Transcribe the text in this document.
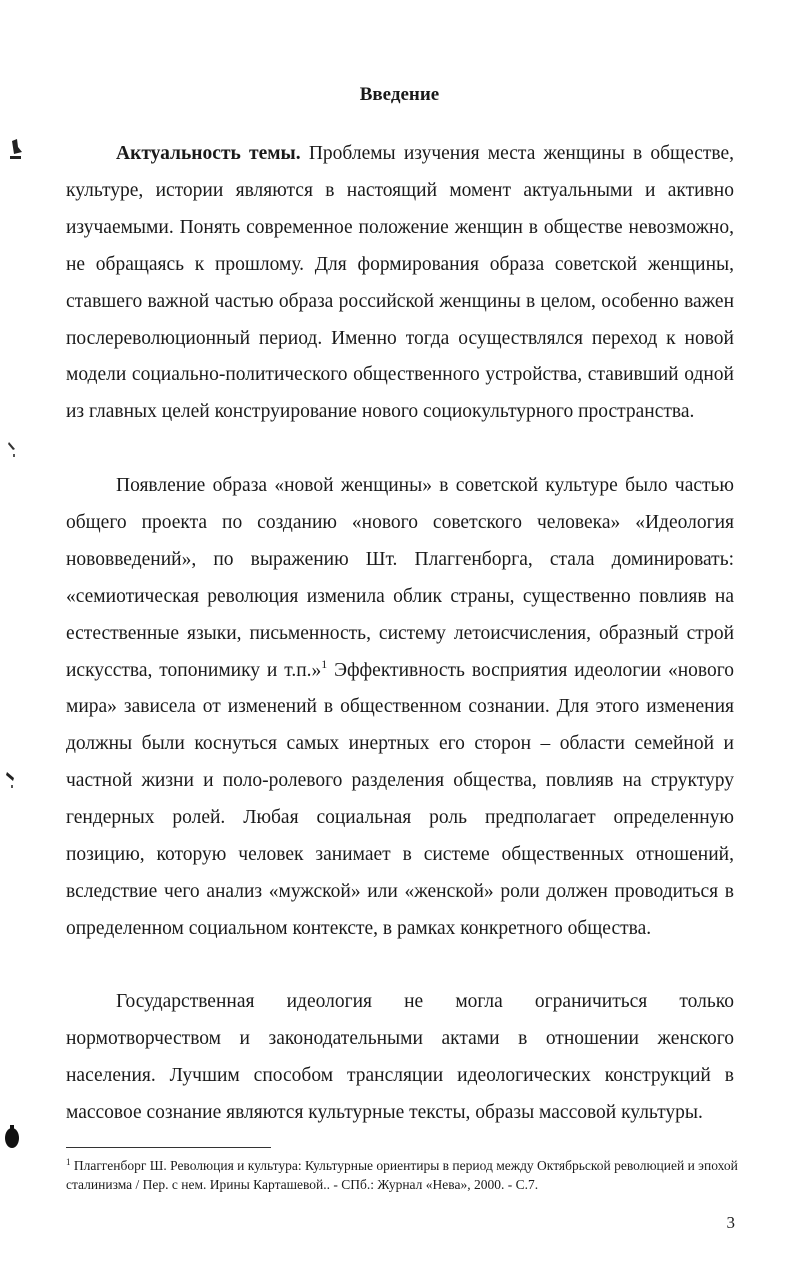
Введение

Актуальность темы. Проблемы изучения места женщины в обществе, культуре, истории являются в настоящий момент актуальными и активно изучаемыми. Понять современное положение женщин в обществе невозможно, не обращаясь к прошлому. Для формирования образа советской женщины, ставшего важной частью образа российской женщины в целом, особенно важен послереволюционный период. Именно тогда осуществлялся переход к новой модели социально-политического общественного устройства, ставивший одной из главных целей конструирование нового социокультурного пространства.

Появление образа «новой женщины» в советской культуре было частью общего проекта по созданию «нового советского человека» «Идеология нововведений», по выражению Шт. Плаггенборга, стала доминировать: «семиотическая революция изменила облик страны, существенно повлияв на естественные языки, письменность, систему летоисчисления, образный строй искусства, топонимику и т.п.»$^1$ Эффективность восприятия идеологии «нового мира» зависела от изменений в общественном сознании. Для этого изменения должны были коснуться самых инертных его сторон – области семейной и частной жизни и поло-ролевого разделения общества, повлияв на структуру гендерных ролей. Любая социальная роль предполагает определенную позицию, которую человек занимает в системе общественных отношений, вследствие чего анализ «мужской» или «женской» роли должен проводиться в определенном социальном контексте, в рамках конкретного общества.

Государственная идеология не могла ограничиться только нормотворчеством и законодательными актами в отношении женского населения. Лучшим способом трансляции идеологических конструкций в массовое сознание являются культурные тексты, образы массовой культуры.

$^1$ Плаггенборг Ш. Революция и культура: Культурные ориентиры в период между Октябрьской революцией и эпохой сталинизма / Пер. с нем. Ирины Карташевой.. - СПб.: Журнал «Нева», 2000. - С.7.
3
